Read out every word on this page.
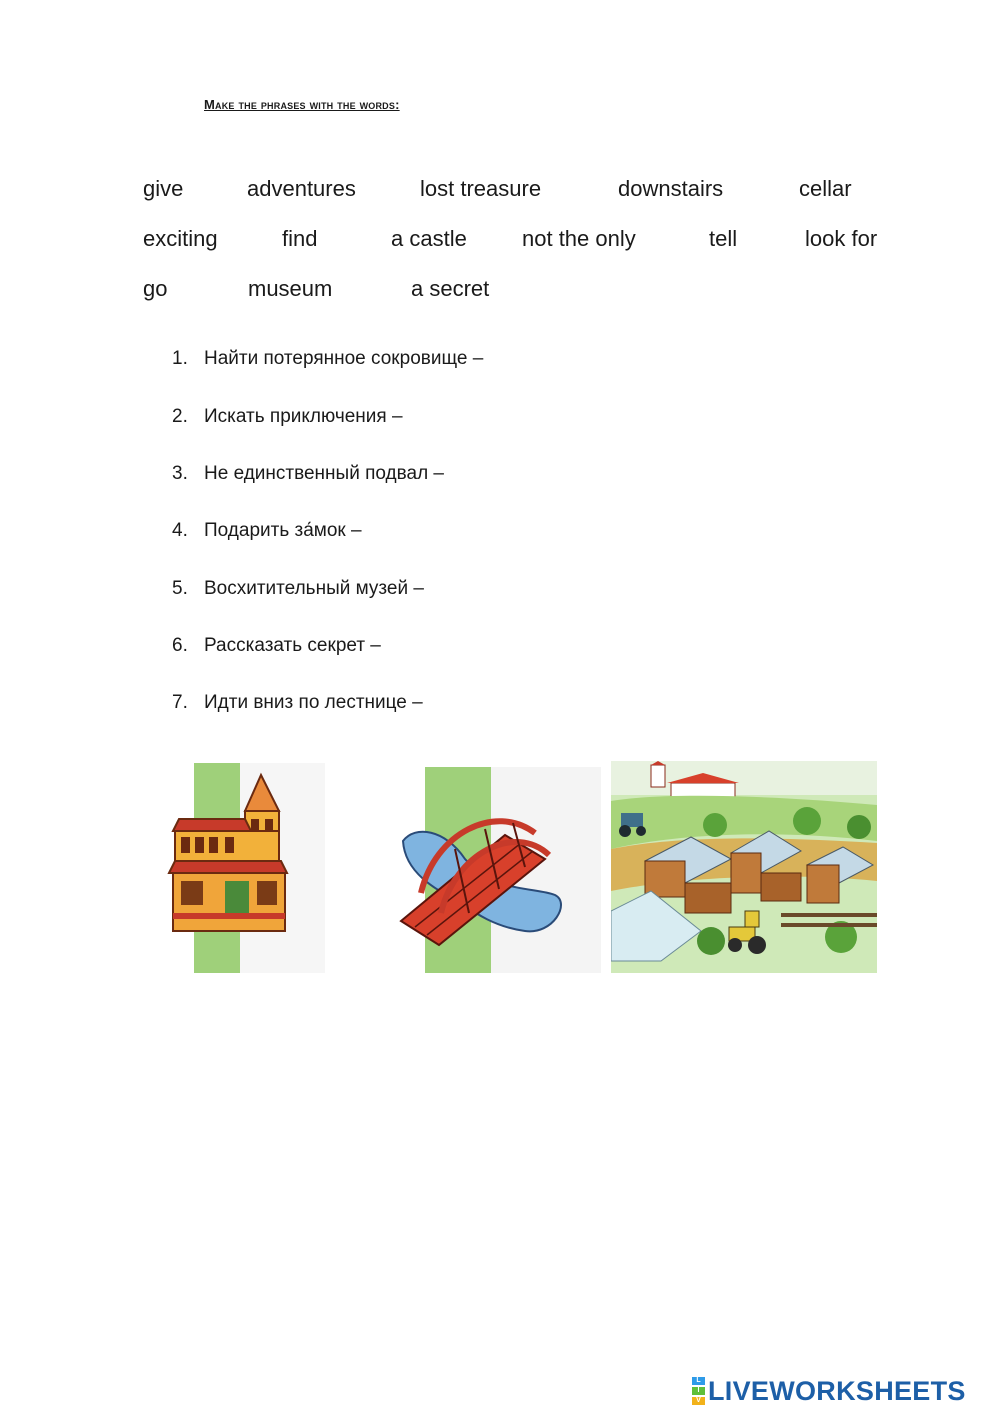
Make the phrases with the words:
give	adventures	lost treasure	downstairs	cellar
exciting	find	a castle	not the only	tell	look for
go	museum	a secret
1. Найти потерянное сокровище –
2. Искать приключения –
3. Не единственный подвал –
4. Подарить за́мок –
5. Восхитительный музей –
6. Рассказать секрет –
7. Идти вниз по лестнице –
L
I
V LIVEWORKSHEETS
